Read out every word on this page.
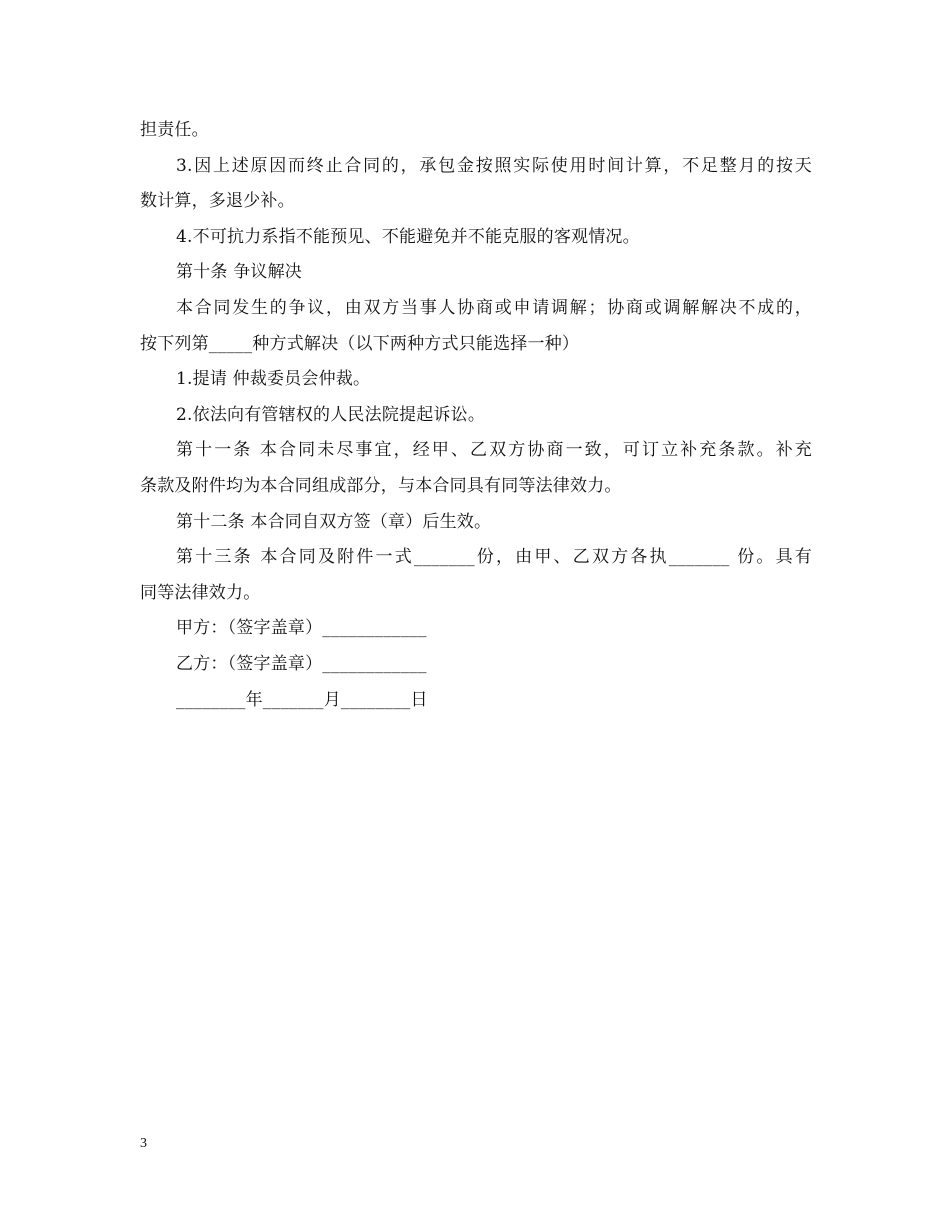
担责任。
3.因上述原因而终止合同的，承包金按照实际使用时间计算，不足整月的按天
数计算，多退少补。
4.不可抗力系指不能预见、不能避免并不能克服的客观情况。
第十条 争议解决
本合同发生的争议，由双方当事人协商或申请调解；协商或调解解决不成的，
按下列第_____种方式解决（以下两种方式只能选择一种）
1.提请 仲裁委员会仲裁。
2.依法向有管辖权的人民法院提起诉讼。
第十一条 本合同未尽事宜，经甲、乙双方协商一致，可订立补充条款。补充
条款及附件均为本合同组成部分，与本合同具有同等法律效力。
第十二条 本合同自双方签（章）后生效。
第十三条 本合同及附件一式_______份，由甲、乙双方各执_______ 份。具有
同等法律效力。
甲方：（签字盖章）____________
乙方：（签字盖章）____________
________年_______月________日
3
